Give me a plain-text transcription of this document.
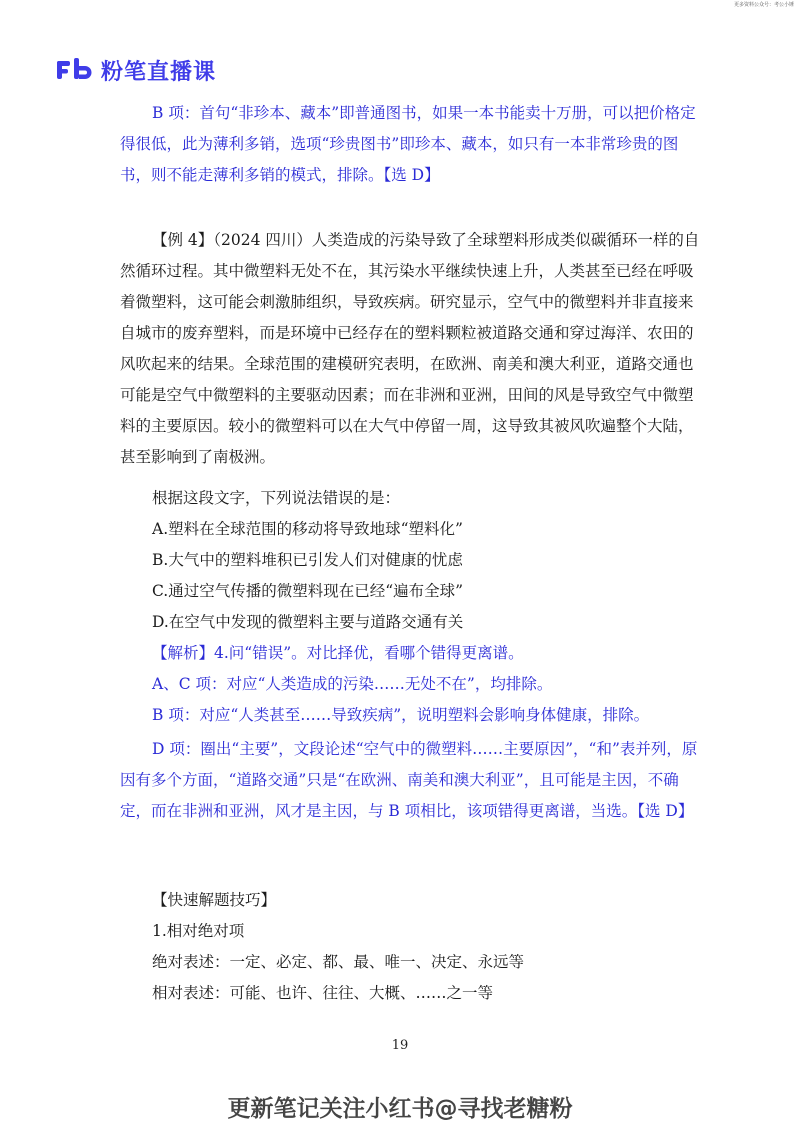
更多资料公众号：考公小锤
粉笔直播课

B 项：首句“非珍本、藏本”即普通图书，如果一本书能卖十万册，可以把价格定得很低，此为薄利多销，选项“珍贵图书”即珍本、藏本，如只有一本非常珍贵的图书，则不能走薄利多销的模式，排除。【选 D】

【例 4】（2024 四川）人类造成的污染导致了全球塑料形成类似碳循环一样的自然循环过程。其中微塑料无处不在，其污染水平继续快速上升，人类甚至已经在呼吸着微塑料，这可能会刺激肺组织，导致疾病。研究显示，空气中的微塑料并非直接来自城市的废弃塑料，而是环境中已经存在的塑料颗粒被道路交通和穿过海洋、农田的风吹起来的结果。全球范围的建模研究表明，在欧洲、南美和澳大利亚，道路交通也可能是空气中微塑料的主要驱动因素；而在非洲和亚洲，田间的风是导致空气中微塑料的主要原因。较小的微塑料可以在大气中停留一周，这导致其被风吹遍整个大陆，甚至影响到了南极洲。

根据这段文字，下列说法错误的是：
A.塑料在全球范围的移动将导致地球“塑料化”
B.大气中的塑料堆积已引发人们对健康的忧虑
C.通过空气传播的微塑料现在已经“遍布全球”
D.在空气中发现的微塑料主要与道路交通有关
【解析】4.问“错误”。对比择优，看哪个错得更离谱。
A、C 项：对应“人类造成的污染……无处不在”，均排除。
B 项：对应“人类甚至……导致疾病”，说明塑料会影响身体健康，排除。

D 项：圈出“主要”，文段论述“空气中的微塑料……主要原因”，“和”表并列，原因有多个方面，“道路交通”只是“在欧洲、南美和澳大利亚”，且可能是主因，不确定，而在非洲和亚洲，风才是主因，与 B 项相比，该项错得更离谱，当选。【选 D】

【快速解题技巧】
1.相对绝对项
绝对表述：一定、必定、都、最、唯一、决定、永远等
相对表述：可能、也许、往往、大概、……之一等
19
更新笔记关注小红书@寻找老糖粉
